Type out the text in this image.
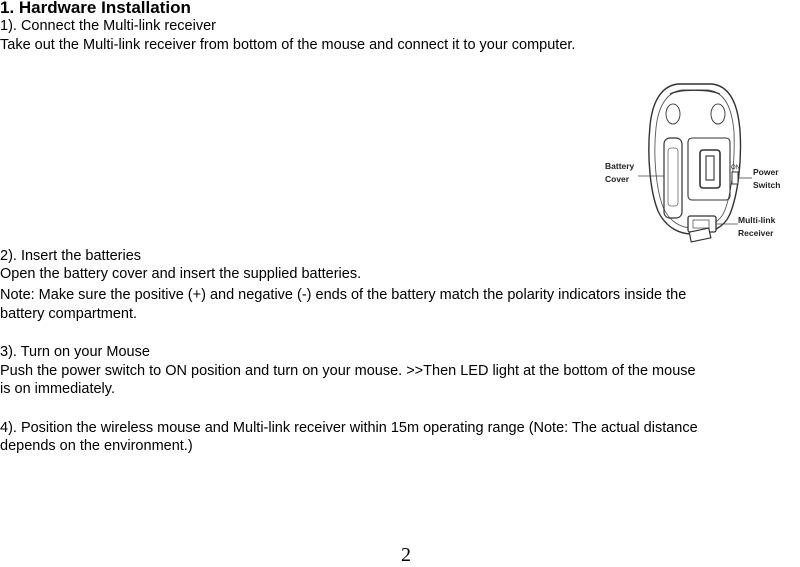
1. Hardware Installation
1). Connect the Multi-link receiver
Take out the Multi-link receiver from bottom of the mouse and connect it to your computer.
ON
Battery
Cover
Power
Switch
Multi-link
Receiver
2). Insert the batteries
Open the battery cover and insert the supplied batteries.
Note: Make sure the positive (+) and negative (-) ends of the battery match the polarity indicators inside the
battery compartment.
3). Turn on your Mouse
Push the power switch to ON position and turn on your mouse. >>Then LED light at the bottom of the mouse
is on immediately.
4). Position the wireless mouse and Multi-link receiver within 15m operating range (Note: The actual distance
depends on the environment.)
2
